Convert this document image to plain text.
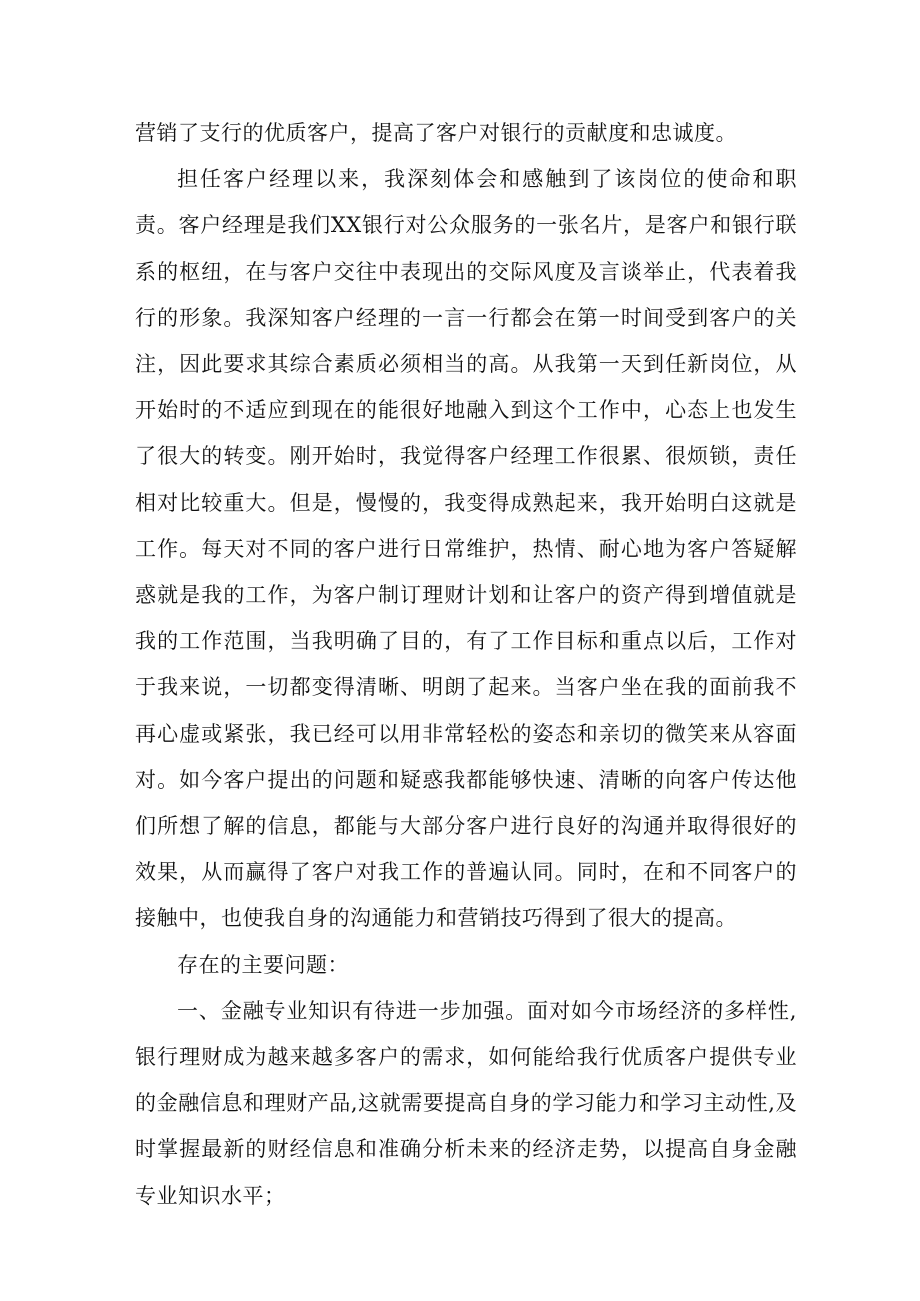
营销了支行的优质客户，提高了客户对银行的贡献度和忠诚度。

担任客户经理以来，我深刻体会和感触到了该岗位的使命和职责。客户经理是我们XX银行对公众服务的一张名片，是客户和银行联系的枢纽，在与客户交往中表现出的交际风度及言谈举止，代表着我行的形象。我深知客户经理的一言一行都会在第一时间受到客户的关注，因此要求其综合素质必须相当的高。从我第一天到任新岗位，从开始时的不适应到现在的能很好地融入到这个工作中，心态上也发生了很大的转变。刚开始时，我觉得客户经理工作很累、很烦锁，责任相对比较重大。但是，慢慢的，我变得成熟起来，我开始明白这就是工作。每天对不同的客户进行日常维护，热情、耐心地为客户答疑解惑就是我的工作，为客户制订理财计划和让客户的资产得到增值就是我的工作范围，当我明确了目的，有了工作目标和重点以后，工作对于我来说，一切都变得清晰、明朗了起来。当客户坐在我的面前我不再心虚或紧张，我已经可以用非常轻松的姿态和亲切的微笑来从容面对。如今客户提出的问题和疑惑我都能够快速、清晰的向客户传达他们所想了解的信息，都能与大部分客户进行良好的沟通并取得很好的效果，从而赢得了客户对我工作的普遍认同。同时，在和不同客户的接触中，也使我自身的沟通能力和营销技巧得到了很大的提高。

存在的主要问题：

一、金融专业知识有待进一步加强。面对如今市场经济的多样性,银行理财成为越来越多客户的需求，如何能给我行优质客户提供专业的金融信息和理财产品,这就需要提高自身的学习能力和学习主动性,及时掌握最新的财经信息和准确分析未来的经济走势，以提高自身金融专业知识水平；
